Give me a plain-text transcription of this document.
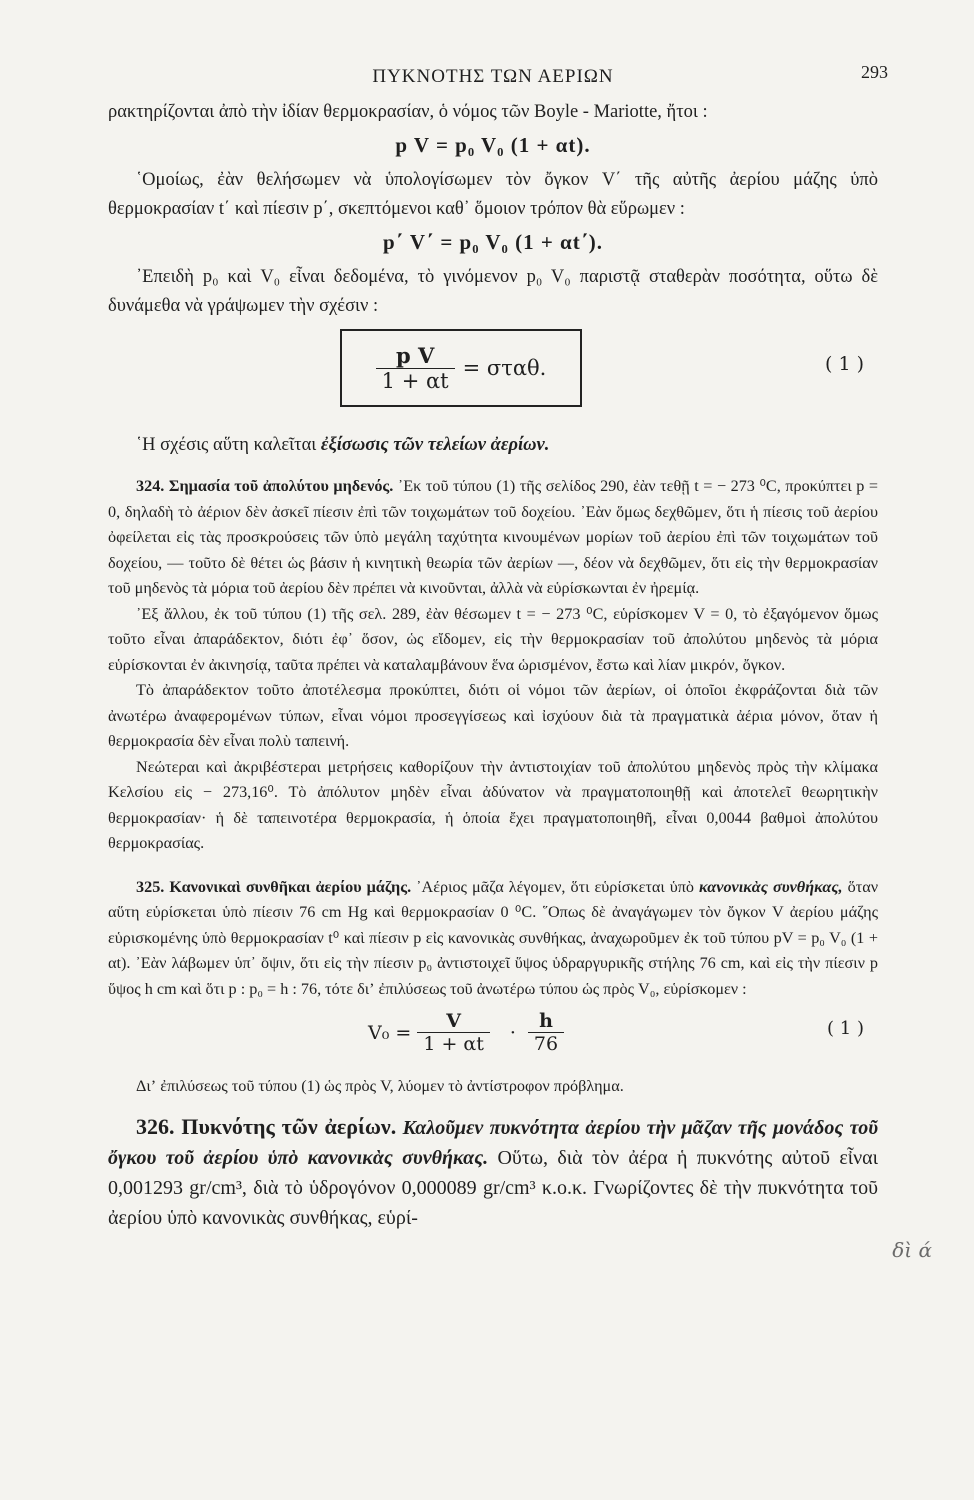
ΠΥΚΝΟΤΗΣ ΤΩΝ ΑΕΡΙΩΝ	293

ρακτηρίζονται ἀπὸ τὴν ἰδίαν θερμοκρασίαν, ὁ νόμος τῶν Boyle - Mariotte, ἤτοι :

p V = p₀ V₀ (1 + αt).

῾Ομοίως, ἐὰν θελήσωμεν νὰ ὑπολογίσωμεν τὸν ὄγκον V΄ τῆς αὐτῆς ἀερίου μάζης ὑπὸ θερμοκρασίαν t΄ καὶ πίεσιν p΄, σκεπτόμενοι καθ᾽ ὅμοιον τρόπον θὰ εὕρωμεν :

p΄ V΄ = p₀ V₀ (1 + αt΄).

᾽Επειδὴ p₀ καὶ V₀ εἶναι δεδομένα, τὸ γινόμενον p₀ V₀ παριστᾷ σταθερὰν ποσότητα, οὕτω δὲ δυνάμεθα νὰ γράψωμεν τὴν σχέσιν :

$\frac{\text{p V}}{1 + \alpha t} = \sigma\tau\alpha\theta$.	( 1 )

῾Η σχέσις αὕτη καλεῖται ἐξίσωσις τῶν τελείων ἀερίων.

324. Σημασία τοῦ ἀπολύτου μηδενός. ᾽Εκ τοῦ τύπου (1) τῆς σελίδος 290, ἐὰν τεθῇ t = − 273 ⁰C, προκύπτει p = 0, δηλαδὴ τὸ ἀέριον δὲν ἀσκεῖ πίεσιν ἐπὶ τῶν τοιχωμάτων τοῦ δοχείου. ᾽Εὰν ὅμως δεχθῶμεν, ὅτι ἡ πίεσις τοῦ ἀερίου ὀφείλεται εἰς τὰς προσκρούσεις τῶν ὑπὸ μεγάλη ταχύτητα κινουμένων μορίων τοῦ ἀερίου ἐπὶ τῶν τοιχωμάτων τοῦ δοχείου, — τοῦτο δὲ θέτει ὡς βάσιν ἡ κινητικὴ θεωρία τῶν ἀερίων —, δέον νὰ δεχθῶμεν, ὅτι εἰς τὴν θερμοκρασίαν τοῦ μηδενὸς τὰ μόρια τοῦ ἀερίου δὲν πρέπει νὰ κινοῦνται, ἀλλὰ νὰ εὑρίσκωνται ἐν ἠρεμίᾳ.

᾽Εξ ἄλλου, ἐκ τοῦ τύπου (1) τῆς σελ. 289, ἐὰν θέσωμεν t = − 273 ⁰C, εὑρίσκομεν V = 0, τὸ ἐξαγόμενον ὅμως τοῦτο εἶναι ἀπαράδεκτον, διότι ἐφ᾽ ὅσον, ὡς εἴδομεν, εἰς τὴν θερμοκρασίαν τοῦ ἀπολύτου μηδενὸς τὰ μόρια εὑρίσκονται ἐν ἀκινησίᾳ, ταῦτα πρέπει νὰ καταλαμβάνουν ἕνα ὡρισμένον, ἔστω καὶ λίαν μικρόν, ὄγκον.

Τὸ ἀπαράδεκτον τοῦτο ἀποτέλεσμα προκύπτει, διότι οἱ νόμοι τῶν ἀερίων, οἱ ὁποῖοι ἐκφράζονται διὰ τῶν ἀνωτέρω ἀναφερομένων τύπων, εἶναι νόμοι προσεγγίσεως καὶ ἰσχύουν διὰ τὰ πραγματικὰ ἀέρια μόνον, ὅταν ἡ θερμοκρασία δὲν εἶναι πολὺ ταπεινή.

Νεώτεραι καὶ ἀκριβέστεραι μετρήσεις καθορίζουν τὴν ἀντιστοιχίαν τοῦ ἀπολύτου μηδενὸς πρὸς τὴν κλίμακα Κελσίου εἰς − 273,16⁰. Τὸ ἀπόλυτον μηδὲν εἶναι ἀδύνατον νὰ πραγματοποιηθῇ καὶ ἀποτελεῖ θεωρητικὴν θερμοκρασίαν· ἡ δὲ ταπεινοτέρα θερμοκρασία, ἡ ὁποία ἔχει πραγματοποιηθῆ, εἶναι 0,0044 βαθμοὶ ἀπολύτου θερμοκρασίας.

325. Κανονικαὶ συνθῆκαι ἀερίου μάζης. ᾽Αέριος μᾶζα λέγομεν, ὅτι εὑρίσκεται ὑπὸ κανονικὰς συνθήκας, ὅταν αὕτη εὑρίσκεται ὑπὸ πίεσιν 76 cm Hg καὶ θερμοκρασίαν 0 ⁰C. ῞Οπως δὲ ἀναγάγωμεν τὸν ὄγκον V ἀερίου μάζης εὑρισκομένης ὑπὸ θερμοκρασίαν t⁰ καὶ πίεσιν p εἰς κανονικὰς συνθήκας, ἀναχωροῦμεν ἐκ τοῦ τύπου pV = p₀ V₀ (1 + αt). ᾽Εὰν λάβωμεν ὑπ᾽ ὄψιν, ὅτι εἰς τὴν πίεσιν p₀ ἀντιστοιχεῖ ὕψος ὑδραργυρικῆς στήλης 76 cm, καὶ εἰς τὴν πίεσιν p ὕψος h cm καὶ ὅτι p : p₀ = h : 76, τότε διʼ ἐπιλύσεως τοῦ ἀνωτέρω τύπου ὡς πρὸς V₀, εὑρίσκομεν :

$V_0 = \frac{V}{1 + \alpha t} \cdot \frac{h}{76}$	( 1 )

Διʼ ἐπιλύσεως τοῦ τύπου (1) ὡς πρὸς V, λύομεν τὸ ἀντίστροφον πρόβλημα.

326. Πυκνότης τῶν ἀερίων. Καλοῦμεν πυκνότητα ἀερίου τὴν μᾶζαν τῆς μονάδος τοῦ ὄγκου τοῦ ἀερίου ὑπὸ κανονικὰς συνθήκας. Οὕτω, διὰ τὸν ἀέρα ἡ πυκνότης αὐτοῦ εἶναι 0,001293 gr/cm³, διὰ τὸ ὑδρογόνον 0,000089 gr/cm³ κ.ο.κ. Γνωρίζοντες δὲ τὴν πυκνότητα τοῦ ἀερίου ὑπὸ κανονικὰς συνθήκας, εὑρί-

δὶ ά
